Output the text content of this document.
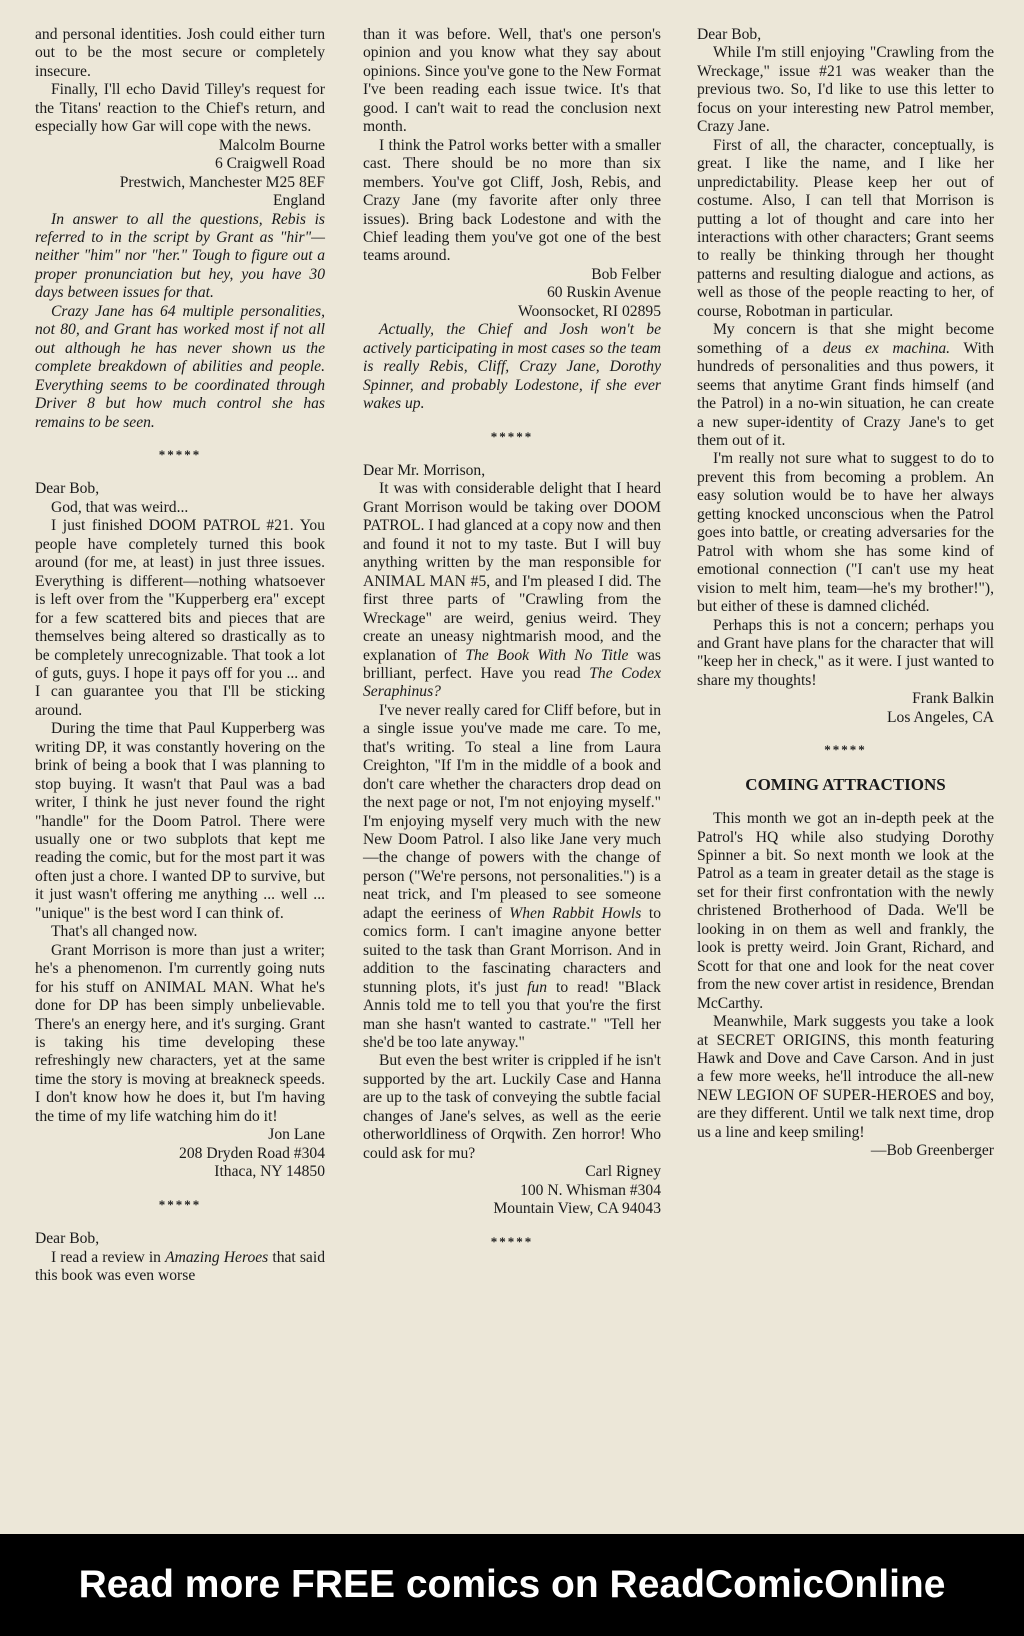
and personal identities. Josh could either turn out to be the most secure or completely insecure.

Finally, I'll echo David Tilley's request for the Titans' reaction to the Chief's return, and especially how Gar will cope with the news.

Malcolm Bourne

6 Craigwell Road

Prestwich, Manchester M25 8EF

England

In answer to all the questions, Rebis is referred to in the script by Grant as "hir"—neither "him" nor "her." Tough to figure out a proper pronunciation but hey, you have 30 days between issues for that.

Crazy Jane has 64 multiple personalities, not 80, and Grant has worked most if not all out although he has never shown us the complete breakdown of abilities and people. Everything seems to be coordinated through Driver 8 but how much control she has remains to be seen.

*****

Dear Bob,

God, that was weird...

I just finished DOOM PATROL #21. You people have completely turned this book around (for me, at least) in just three issues. Everything is different—nothing whatsoever is left over from the "Kupperberg era" except for a few scattered bits and pieces that are themselves being altered so drastically as to be completely unrecognizable. That took a lot of guts, guys. I hope it pays off for you ... and I can guarantee you that I'll be sticking around.

During the time that Paul Kupperberg was writing DP, it was constantly hovering on the brink of being a book that I was planning to stop buying. It wasn't that Paul was a bad writer, I think he just never found the right "handle" for the Doom Patrol. There were usually one or two subplots that kept me reading the comic, but for the most part it was often just a chore. I wanted DP to survive, but it just wasn't offering me anything ... well ... "unique" is the best word I can think of.

That's all changed now.

Grant Morrison is more than just a writer; he's a phenomenon. I'm currently going nuts for his stuff on ANIMAL MAN. What he's done for DP has been simply unbelievable. There's an energy here, and it's surging. Grant is taking his time developing these refreshingly new characters, yet at the same time the story is moving at breakneck speeds. I don't know how he does it, but I'm having the time of my life watching him do it!

Jon Lane

208 Dryden Road #304

Ithaca, NY 14850

*****

Dear Bob,

I read a review in Amazing Heroes that said this book was even worse

than it was before. Well, that's one person's opinion and you know what they say about opinions. Since you've gone to the New Format I've been reading each issue twice. It's that good. I can't wait to read the conclusion next month.

I think the Patrol works better with a smaller cast. There should be no more than six members. You've got Cliff, Josh, Rebis, and Crazy Jane (my favorite after only three issues). Bring back Lodestone and with the Chief leading them you've got one of the best teams around.

Bob Felber

60 Ruskin Avenue

Woonsocket, RI 02895

Actually, the Chief and Josh won't be actively participating in most cases so the team is really Rebis, Cliff, Crazy Jane, Dorothy Spinner, and probably Lodestone, if she ever wakes up.

*****

Dear Mr. Morrison,

It was with considerable delight that I heard Grant Morrison would be taking over DOOM PATROL. I had glanced at a copy now and then and found it not to my taste. But I will buy anything written by the man responsible for ANIMAL MAN #5, and I'm pleased I did. The first three parts of "Crawling from the Wreckage" are weird, genius weird. They create an uneasy nightmarish mood, and the explanation of The Book With No Title was brilliant, perfect. Have you read The Codex Seraphinus?

I've never really cared for Cliff before, but in a single issue you've made me care. To me, that's writing. To steal a line from Laura Creighton, "If I'm in the middle of a book and don't care whether the characters drop dead on the next page or not, I'm not enjoying myself." I'm enjoying myself very much with the new New Doom Patrol. I also like Jane very much—the change of powers with the change of person ("We're persons, not personalities.") is a neat trick, and I'm pleased to see someone adapt the eeriness of When Rabbit Howls to comics form. I can't imagine anyone better suited to the task than Grant Morrison. And in addition to the fascinating characters and stunning plots, it's just fun to read! "Black Annis told me to tell you that you're the first man she hasn't wanted to castrate." "Tell her she'd be too late anyway."

But even the best writer is crippled if he isn't supported by the art. Luckily Case and Hanna are up to the task of conveying the subtle facial changes of Jane's selves, as well as the eerie otherworldliness of Orqwith. Zen horror! Who could ask for mu?

Carl Rigney

100 N. Whisman #304

Mountain View, CA 94043

*****

Dear Bob,

While I'm still enjoying "Crawling from the Wreckage," issue #21 was weaker than the previous two. So, I'd like to use this letter to focus on your interesting new Patrol member, Crazy Jane.

First of all, the character, conceptually, is great. I like the name, and I like her unpredictability. Please keep her out of costume. Also, I can tell that Morrison is putting a lot of thought and care into her interactions with other characters; Grant seems to really be thinking through her thought patterns and resulting dialogue and actions, as well as those of the people reacting to her, of course, Robotman in particular.

My concern is that she might become something of a deus ex machina. With hundreds of personalities and thus powers, it seems that anytime Grant finds himself (and the Patrol) in a no-win situation, he can create a new super-identity of Crazy Jane's to get them out of it.

I'm really not sure what to suggest to do to prevent this from becoming a problem. An easy solution would be to have her always getting knocked unconscious when the Patrol goes into battle, or creating adversaries for the Patrol with whom she has some kind of emotional connection ("I can't use my heat vision to melt him, team—he's my brother!"), but either of these is damned clichéd.

Perhaps this is not a concern; perhaps you and Grant have plans for the character that will "keep her in check," as it were. I just wanted to share my thoughts!

Frank Balkin

Los Angeles, CA

*****
COMING ATTRACTIONS

This month we got an in-depth peek at the Patrol's HQ while also studying Dorothy Spinner a bit. So next month we look at the Patrol as a team in greater detail as the stage is set for their first confrontation with the newly christened Brotherhood of Dada. We'll be looking in on them as well and frankly, the look is pretty weird. Join Grant, Richard, and Scott for that one and look for the neat cover from the new cover artist in residence, Brendan McCarthy.

Meanwhile, Mark suggests you take a look at SECRET ORIGINS, this month featuring Hawk and Dove and Cave Carson. And in just a few more weeks, he'll introduce the all-new NEW LEGION OF SUPER-HEROES and boy, are they different. Until we talk next time, drop us a line and keep smiling!

—Bob Greenberger

Read more FREE comics on ReadComicOnline
